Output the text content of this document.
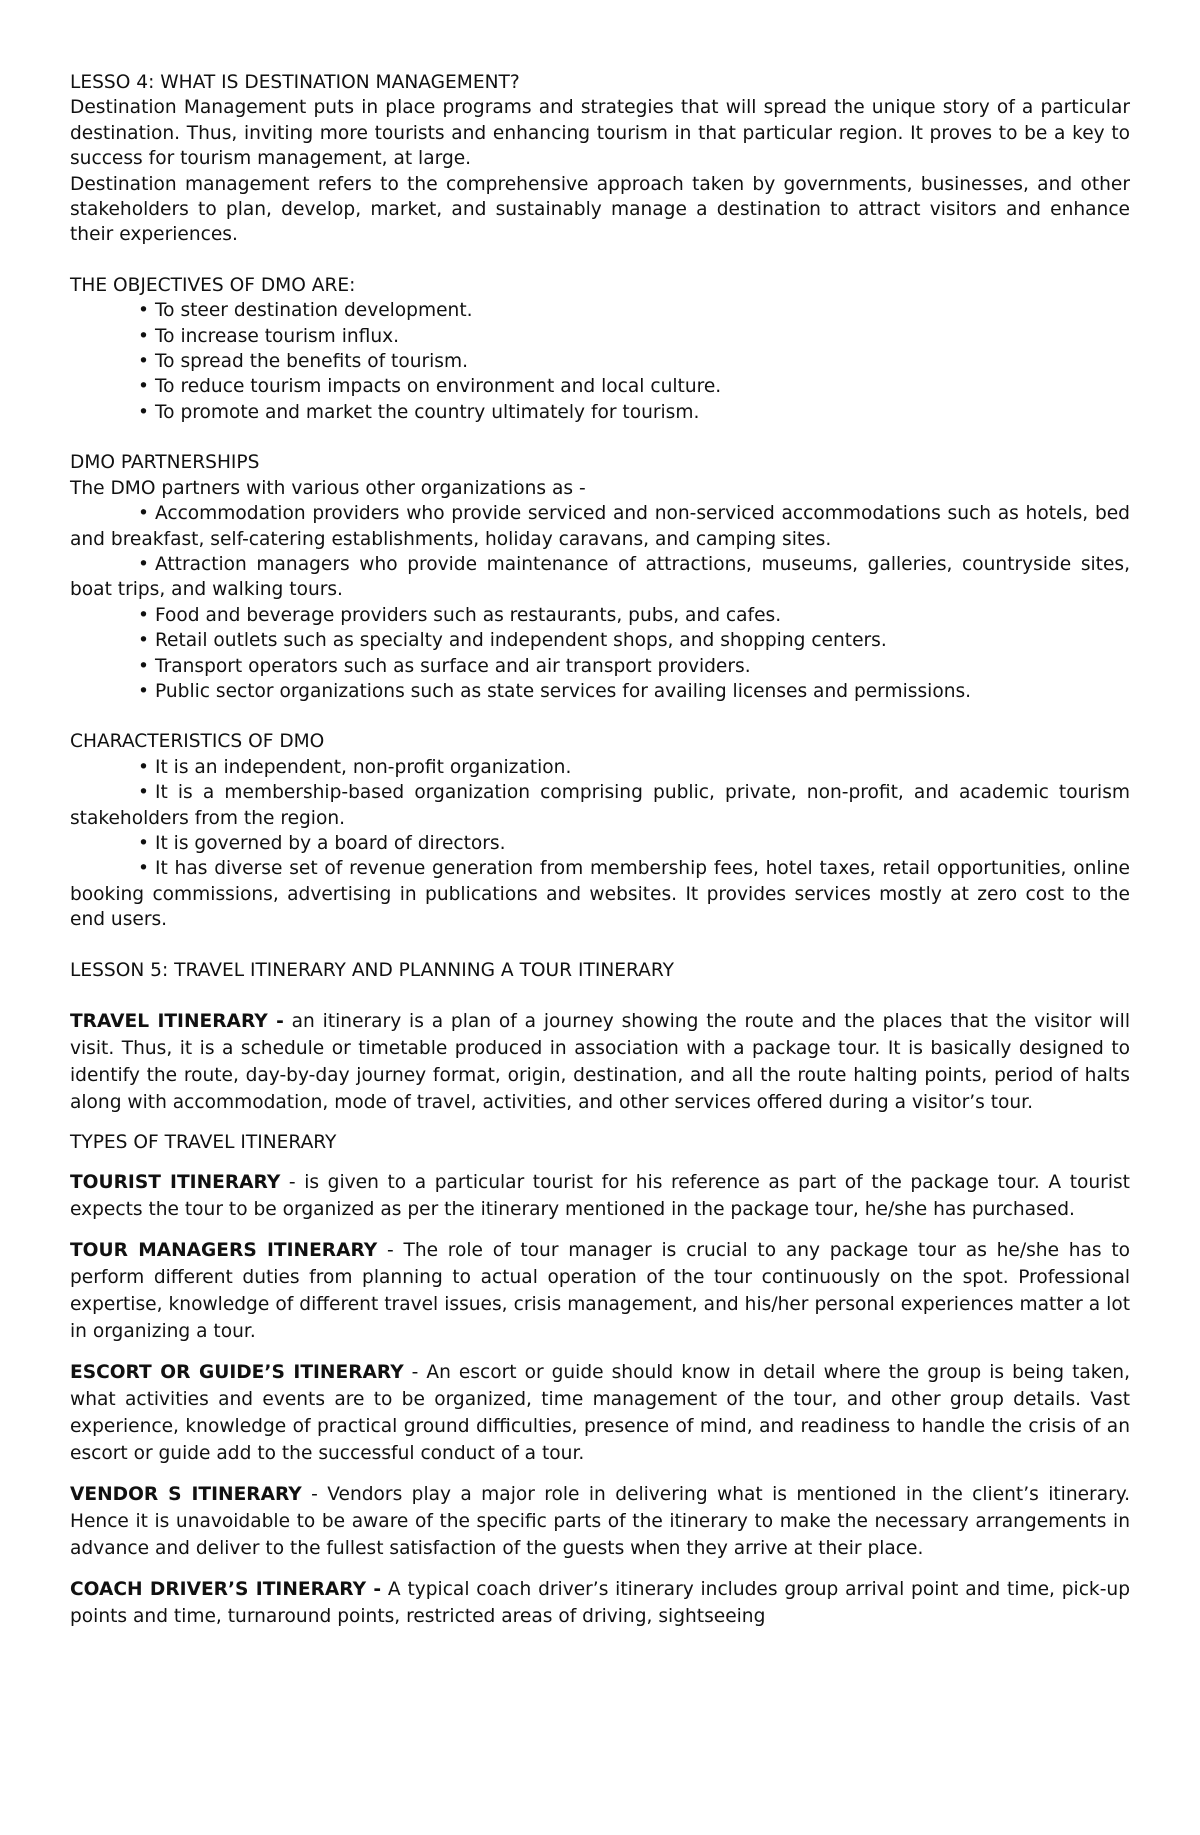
LESSO 4: WHAT IS DESTINATION MANAGEMENT?

Destination Management puts in place programs and strategies that will spread the unique story of a particular destination. Thus, inviting more tourists and enhancing tourism in that particular region. It proves to be a key to success for tourism management, at large.

Destination management refers to the comprehensive approach taken by governments, businesses, and other stakeholders to plan, develop, market, and sustainably manage a destination to attract visitors and enhance their experiences.

THE OBJECTIVES OF DMO ARE:

• To steer destination development.
• To increase tourism influx.
• To spread the benefits of tourism.
• To reduce tourism impacts on environment and local culture.
• To promote and market the country ultimately for tourism.

DMO PARTNERSHIPS

The DMO partners with various other organizations as -

• Accommodation providers who provide serviced and non-serviced accommodations such as hotels, bed and breakfast, self-catering establishments, holiday caravans, and camping sites.

• Attraction managers who provide maintenance of attractions, museums, galleries, countryside sites, boat trips, and walking tours.

• Food and beverage providers such as restaurants, pubs, and cafes.

• Retail outlets such as specialty and independent shops, and shopping centers.

• Transport operators such as surface and air transport providers.

• Public sector organizations such as state services for availing licenses and permissions.

CHARACTERISTICS OF DMO

• It is an independent, non-profit organization.

• It is a membership-based organization comprising public, private, non-profit, and academic tourism stakeholders from the region.

• It is governed by a board of directors.

• It has diverse set of revenue generation from membership fees, hotel taxes, retail opportunities, online booking commissions, advertising in publications and websites. It provides services mostly at zero cost to the end users.

LESSON 5: TRAVEL ITINERARY AND PLANNING A TOUR ITINERARY

TRAVEL ITINERARY - an itinerary is a plan of a journey showing the route and the places that the visitor will visit. Thus, it is a schedule or timetable produced in association with a package tour. It is basically designed to identify the route, day-by-day journey format, origin, destination, and all the route halting points, period of halts along with accommodation, mode of travel, activities, and other services offered during a visitor’s tour.

TYPES OF TRAVEL ITINERARY

TOURIST ITINERARY - is given to a particular tourist for his reference as part of the package tour. A tourist expects the tour to be organized as per the itinerary mentioned in the package tour, he/she has purchased.

TOUR MANAGERS ITINERARY - The role of tour manager is crucial to any package tour as he/she has to perform different duties from planning to actual operation of the tour continuously on the spot. Professional expertise, knowledge of different travel issues, crisis management, and his/her personal experiences matter a lot in organizing a tour.

ESCORT OR GUIDE’S ITINERARY - An escort or guide should know in detail where the group is being taken, what activities and events are to be organized, time management of the tour, and other group details. Vast experience, knowledge of practical ground difficulties, presence of mind, and readiness to handle the crisis of an escort or guide add to the successful conduct of a tour.

VENDOR S ITINERARY - Vendors play a major role in delivering what is mentioned in the client’s itinerary. Hence it is unavoidable to be aware of the specific parts of the itinerary to make the necessary arrangements in advance and deliver to the fullest satisfaction of the guests when they arrive at their place.

COACH DRIVER’S ITINERARY - A typical coach driver’s itinerary includes group arrival point and time, pick-up points and time, turnaround points, restricted areas of driving, sightseeing
